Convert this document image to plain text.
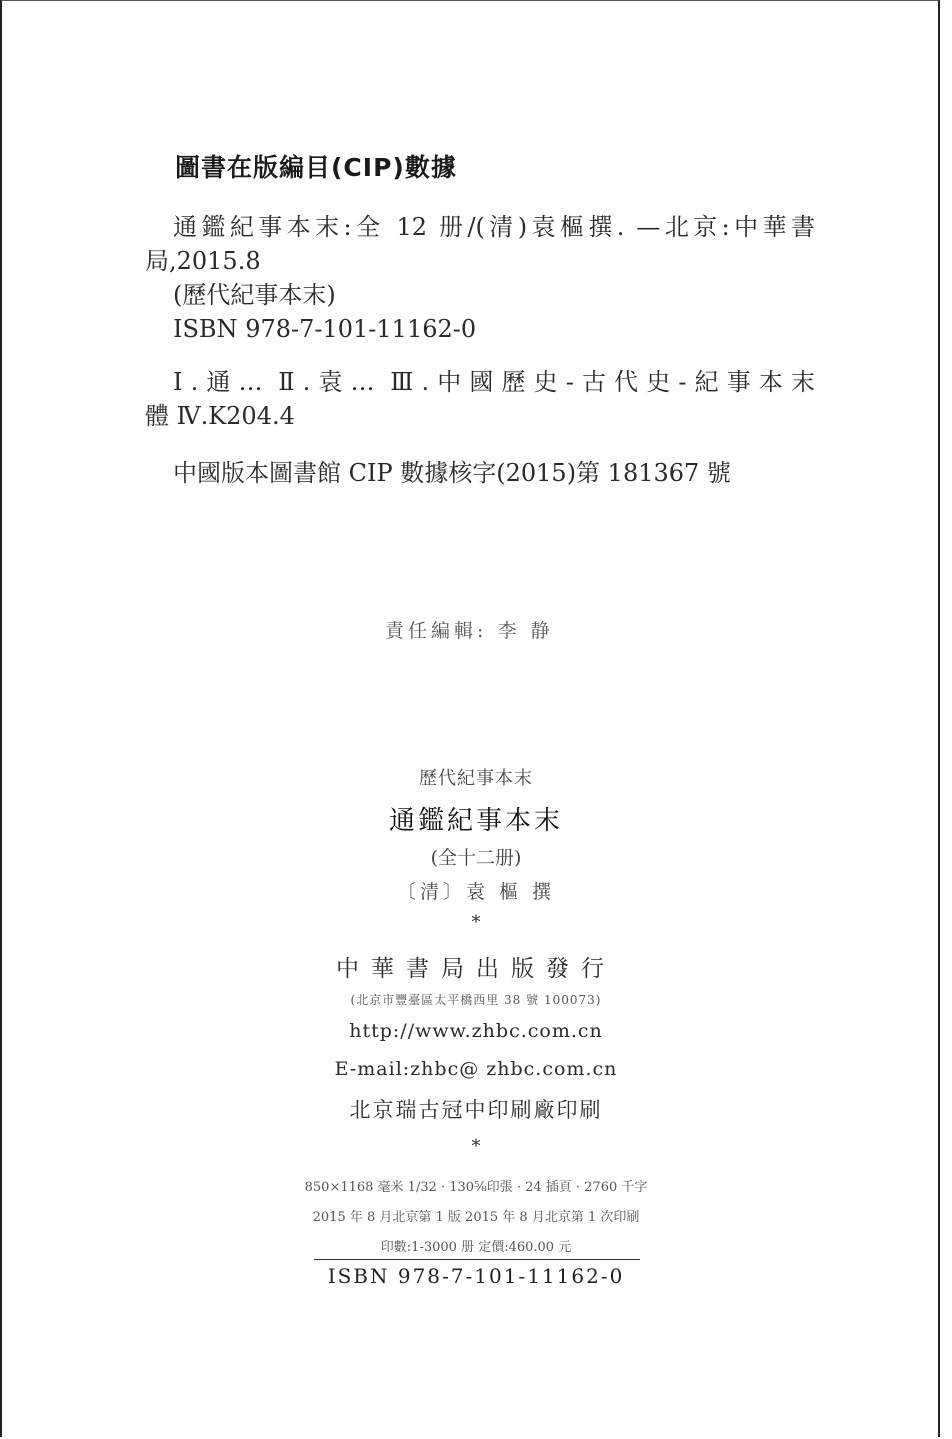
圖書在版編目(CIP)數據
通鑑紀事本末:全 12 册/(清)袁樞撰. —北京:中華書
局,2015.8
(歷代紀事本末)
ISBN 978-7-101-11162-0
Ⅰ.通… Ⅱ.袁… Ⅲ.中國歷史-古代史-紀事本末
體 Ⅳ.K204.4
中國版本圖書館 CIP 數據核字(2015)第 181367 號
責任編輯: 李 静
歷代紀事本末
通鑑紀事本末
(全十二册)
〔清〕袁 樞 撰
*
中華書局出版發行
(北京市豐臺區太平橋西里 38 號 100073)
http://www.zhbc.com.cn
E-mail:zhbc@ zhbc.com.cn
北京瑞古冠中印刷廠印刷
*
850×1168 毫米 1/32 · 130⅝印張 · 24 插頁 · 2760 千字
2015 年 8 月北京第 1 版 2015 年 8 月北京第 1 次印刷
印數:1-3000 册 定價:460.00 元
ISBN 978-7-101-11162-0
